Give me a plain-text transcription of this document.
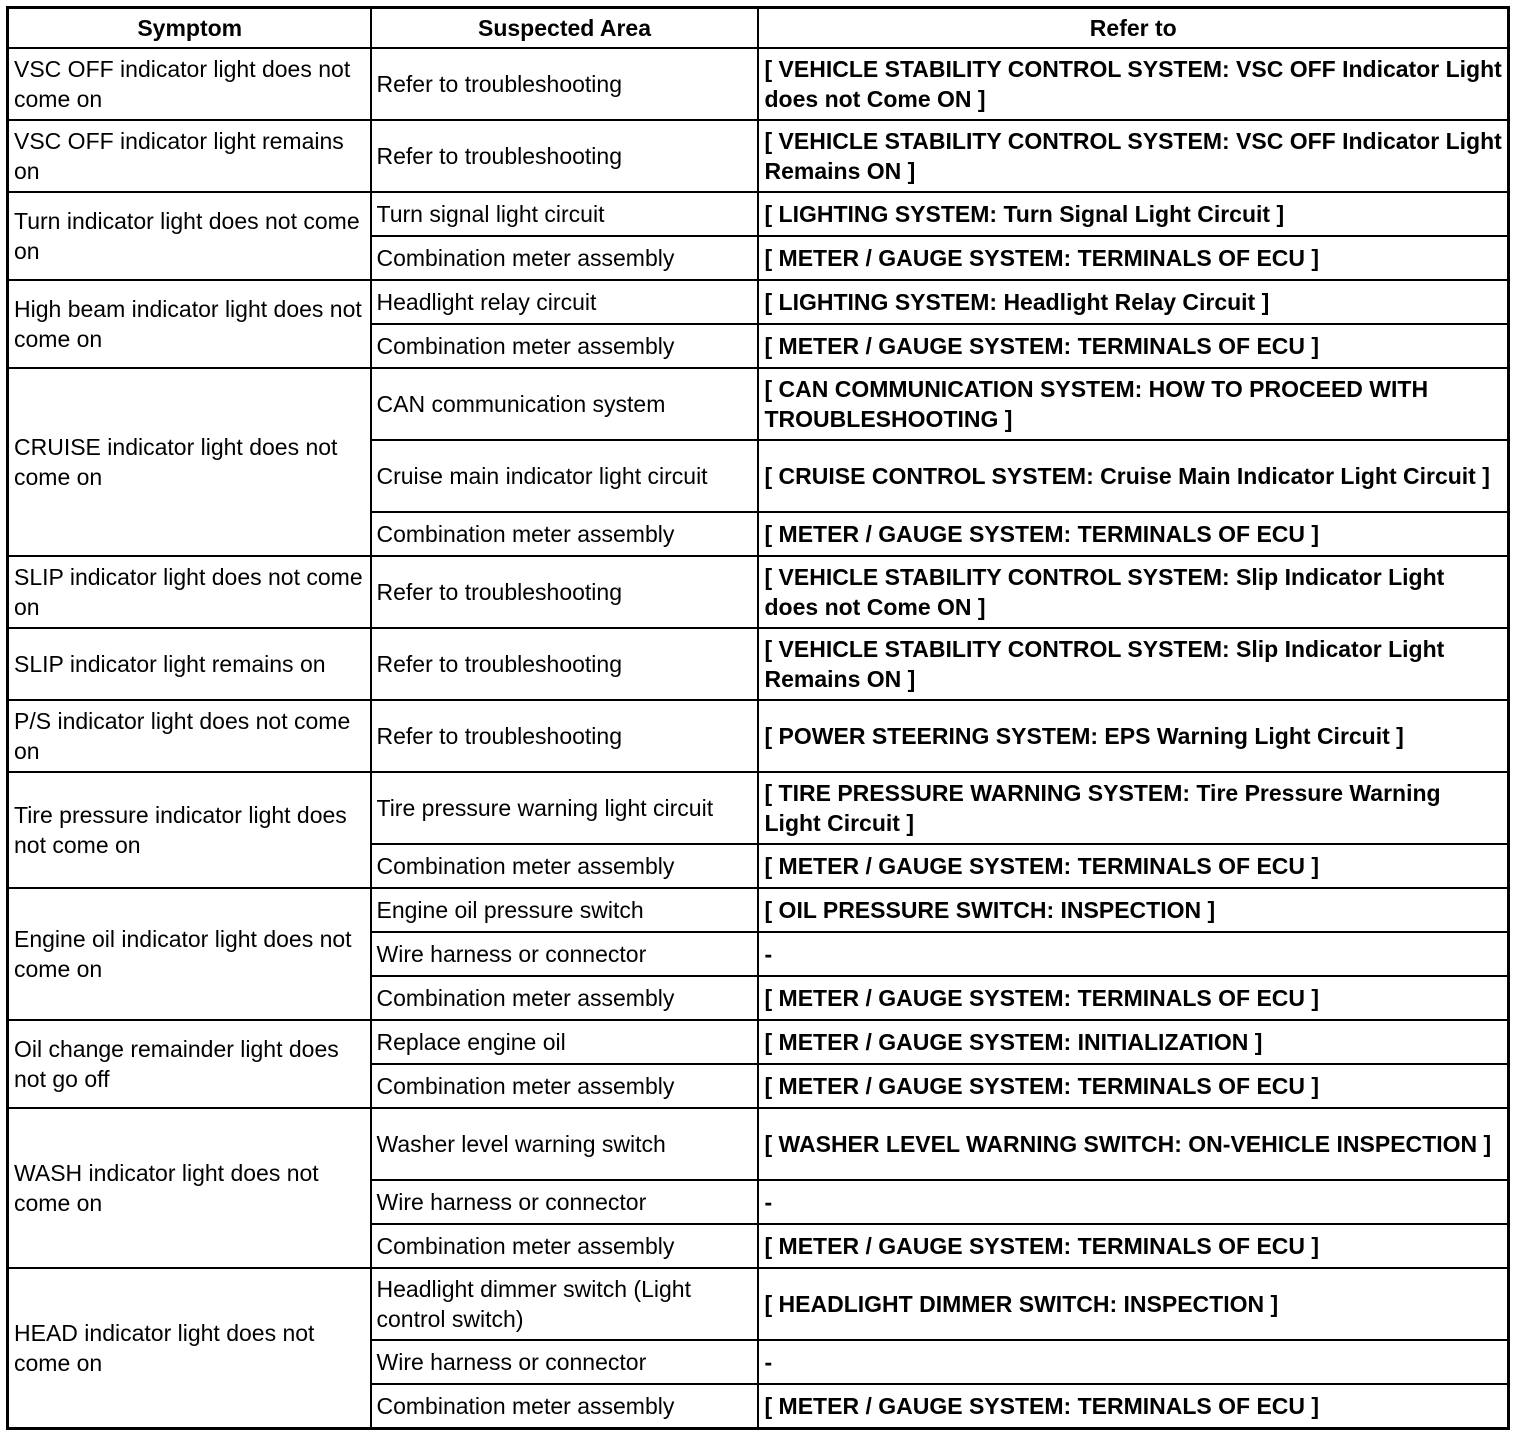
Symptom	Suspected Area	Refer to
VSC OFF indicator light does not come on	Refer to troubleshooting	[ VEHICLE STABILITY CONTROL SYSTEM: VSC OFF Indicator Light does not Come ON ]
VSC OFF indicator light remains on	Refer to troubleshooting	[ VEHICLE STABILITY CONTROL SYSTEM: VSC OFF Indicator Light Remains ON ]
Turn indicator light does not come on	Turn signal light circuit	[ LIGHTING SYSTEM: Turn Signal Light Circuit ]
	Combination meter assembly	[ METER / GAUGE SYSTEM: TERMINALS OF ECU ]
High beam indicator light does not come on	Headlight relay circuit	[ LIGHTING SYSTEM: Headlight Relay Circuit ]
	Combination meter assembly	[ METER / GAUGE SYSTEM: TERMINALS OF ECU ]
CRUISE indicator light does not come on	CAN communication system	[ CAN COMMUNICATION SYSTEM: HOW TO PROCEED WITH TROUBLESHOOTING ]
	Cruise main indicator light circuit	[ CRUISE CONTROL SYSTEM: Cruise Main Indicator Light Circuit ]
	Combination meter assembly	[ METER / GAUGE SYSTEM: TERMINALS OF ECU ]
SLIP indicator light does not come on	Refer to troubleshooting	[ VEHICLE STABILITY CONTROL SYSTEM: Slip Indicator Light does not Come ON ]
SLIP indicator light remains on	Refer to troubleshooting	[ VEHICLE STABILITY CONTROL SYSTEM: Slip Indicator Light Remains ON ]
P/S indicator light does not come on	Refer to troubleshooting	[ POWER STEERING SYSTEM: EPS Warning Light Circuit ]
Tire pressure indicator light does not come on	Tire pressure warning light circuit	[ TIRE PRESSURE WARNING SYSTEM: Tire Pressure Warning Light Circuit ]
	Combination meter assembly	[ METER / GAUGE SYSTEM: TERMINALS OF ECU ]
Engine oil indicator light does not come on	Engine oil pressure switch	[ OIL PRESSURE SWITCH: INSPECTION ]
	Wire harness or connector	-
	Combination meter assembly	[ METER / GAUGE SYSTEM: TERMINALS OF ECU ]
Oil change remainder light does not go off	Replace engine oil	[ METER / GAUGE SYSTEM: INITIALIZATION ]
	Combination meter assembly	[ METER / GAUGE SYSTEM: TERMINALS OF ECU ]
WASH indicator light does not come on	Washer level warning switch	[ WASHER LEVEL WARNING SWITCH: ON-VEHICLE INSPECTION ]
	Wire harness or connector	-
	Combination meter assembly	[ METER / GAUGE SYSTEM: TERMINALS OF ECU ]
HEAD indicator light does not come on	Headlight dimmer switch (Light control switch)	[ HEADLIGHT DIMMER SWITCH: INSPECTION ]
	Wire harness or connector	-
	Combination meter assembly	[ METER / GAUGE SYSTEM: TERMINALS OF ECU ]
